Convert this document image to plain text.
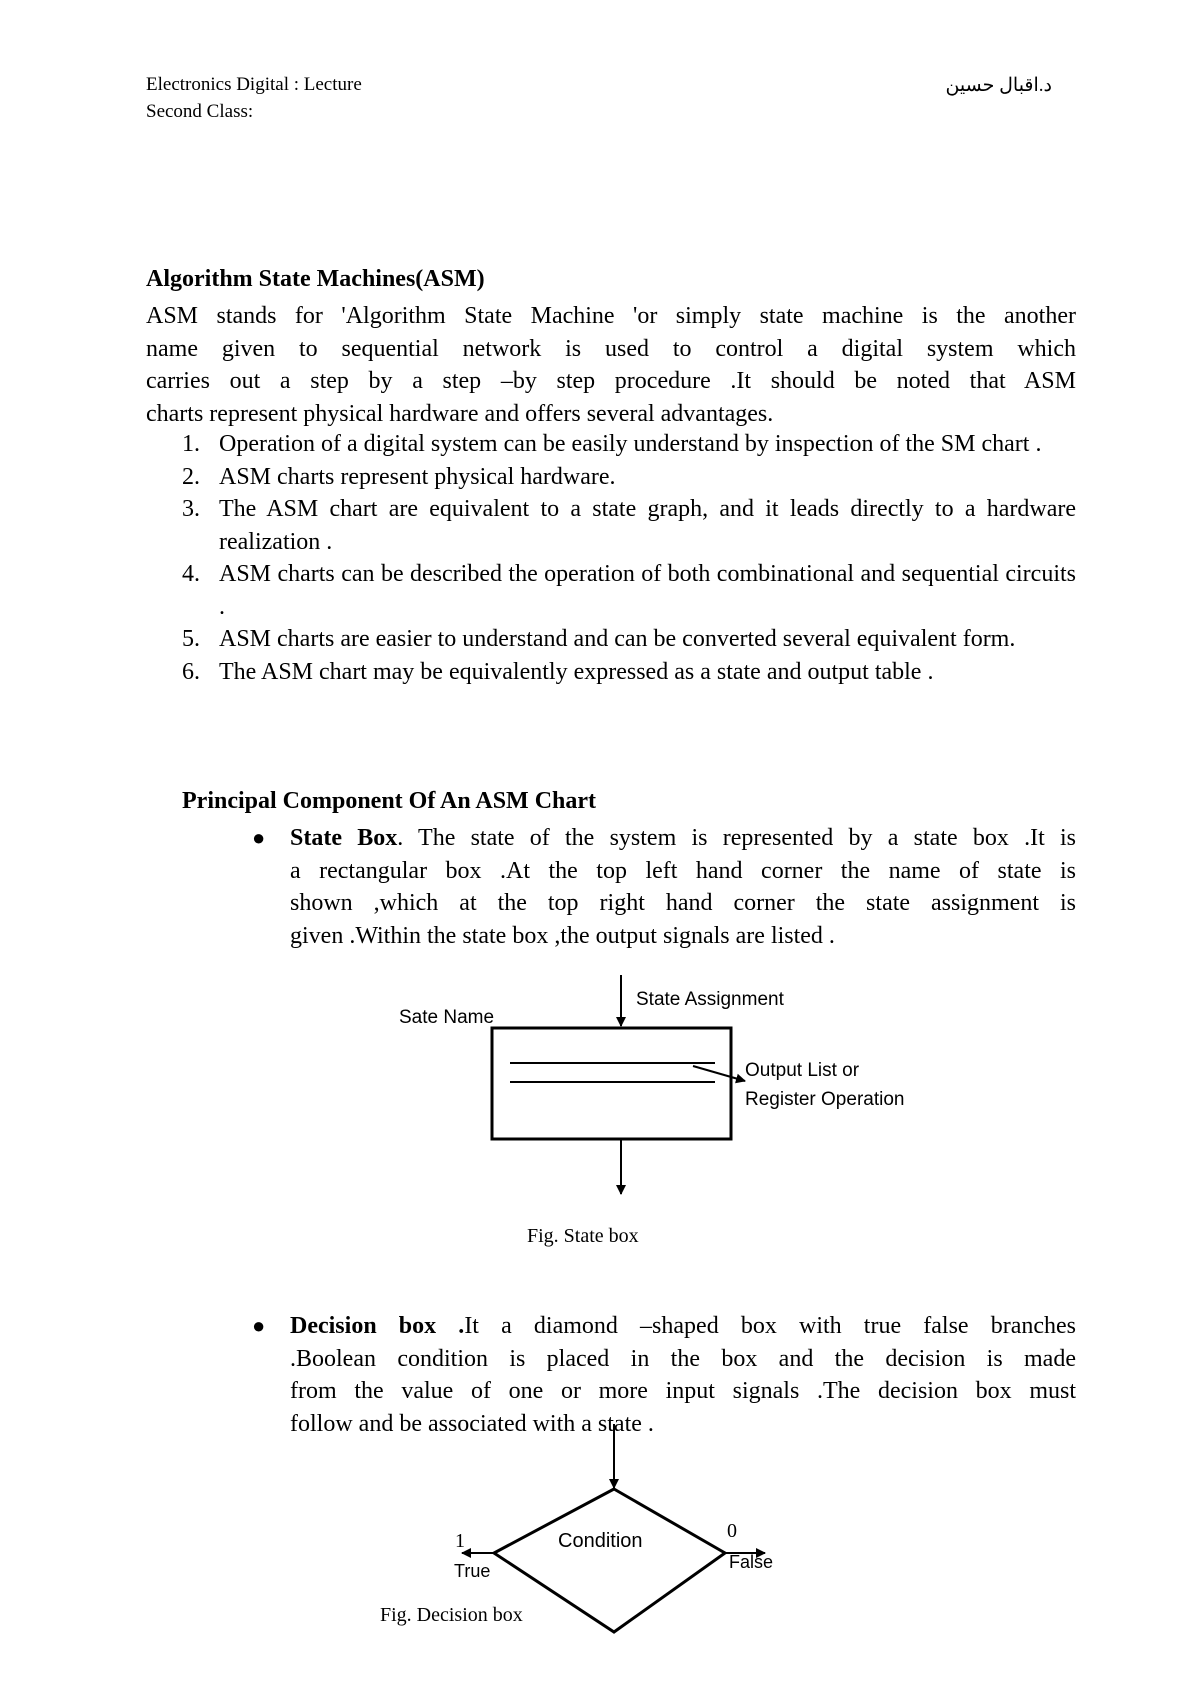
Electronics Digital : Lecture
Second Class:
د.اقبال حسين
Algorithm State Machines(ASM)
ASM stands for 'Algorithm State Machine 'or simply state machine is the another
name given to sequential network is used to control a digital system which
carries out a step by a step –by step procedure .It should be noted that ASM
charts represent physical hardware and offers several advantages.
1. Operation of a digital system can be easily understand by inspection of the SM chart .
2. ASM charts represent physical hardware.
3. The ASM chart are equivalent to a state graph, and it leads directly to a hardware realization .
4. ASM charts can be described the operation of both combinational and sequential circuits .
5. ASM charts are easier to understand and can be converted several equivalent form.
6. The ASM chart may be equivalently expressed as a state and output table .
Principal Component Of An ASM Chart
● State Box. The state of the system is represented by a state box .It is
a rectangular box .At the top left hand corner the name of state is
shown ,which at the top right hand corner the state assignment is
given .Within the state box ,the output signals are listed .
● Decision box .It a diamond –shaped box with true false branches
.Boolean condition is placed in the box and the decision is made
from the value of one or more input signals .The decision box must
follow and be associated with a state .
Sate Name
State Assignment
Output List or
Register Operation
Condition
1
True
0
False
Fig. State box
Fig. Decision box
